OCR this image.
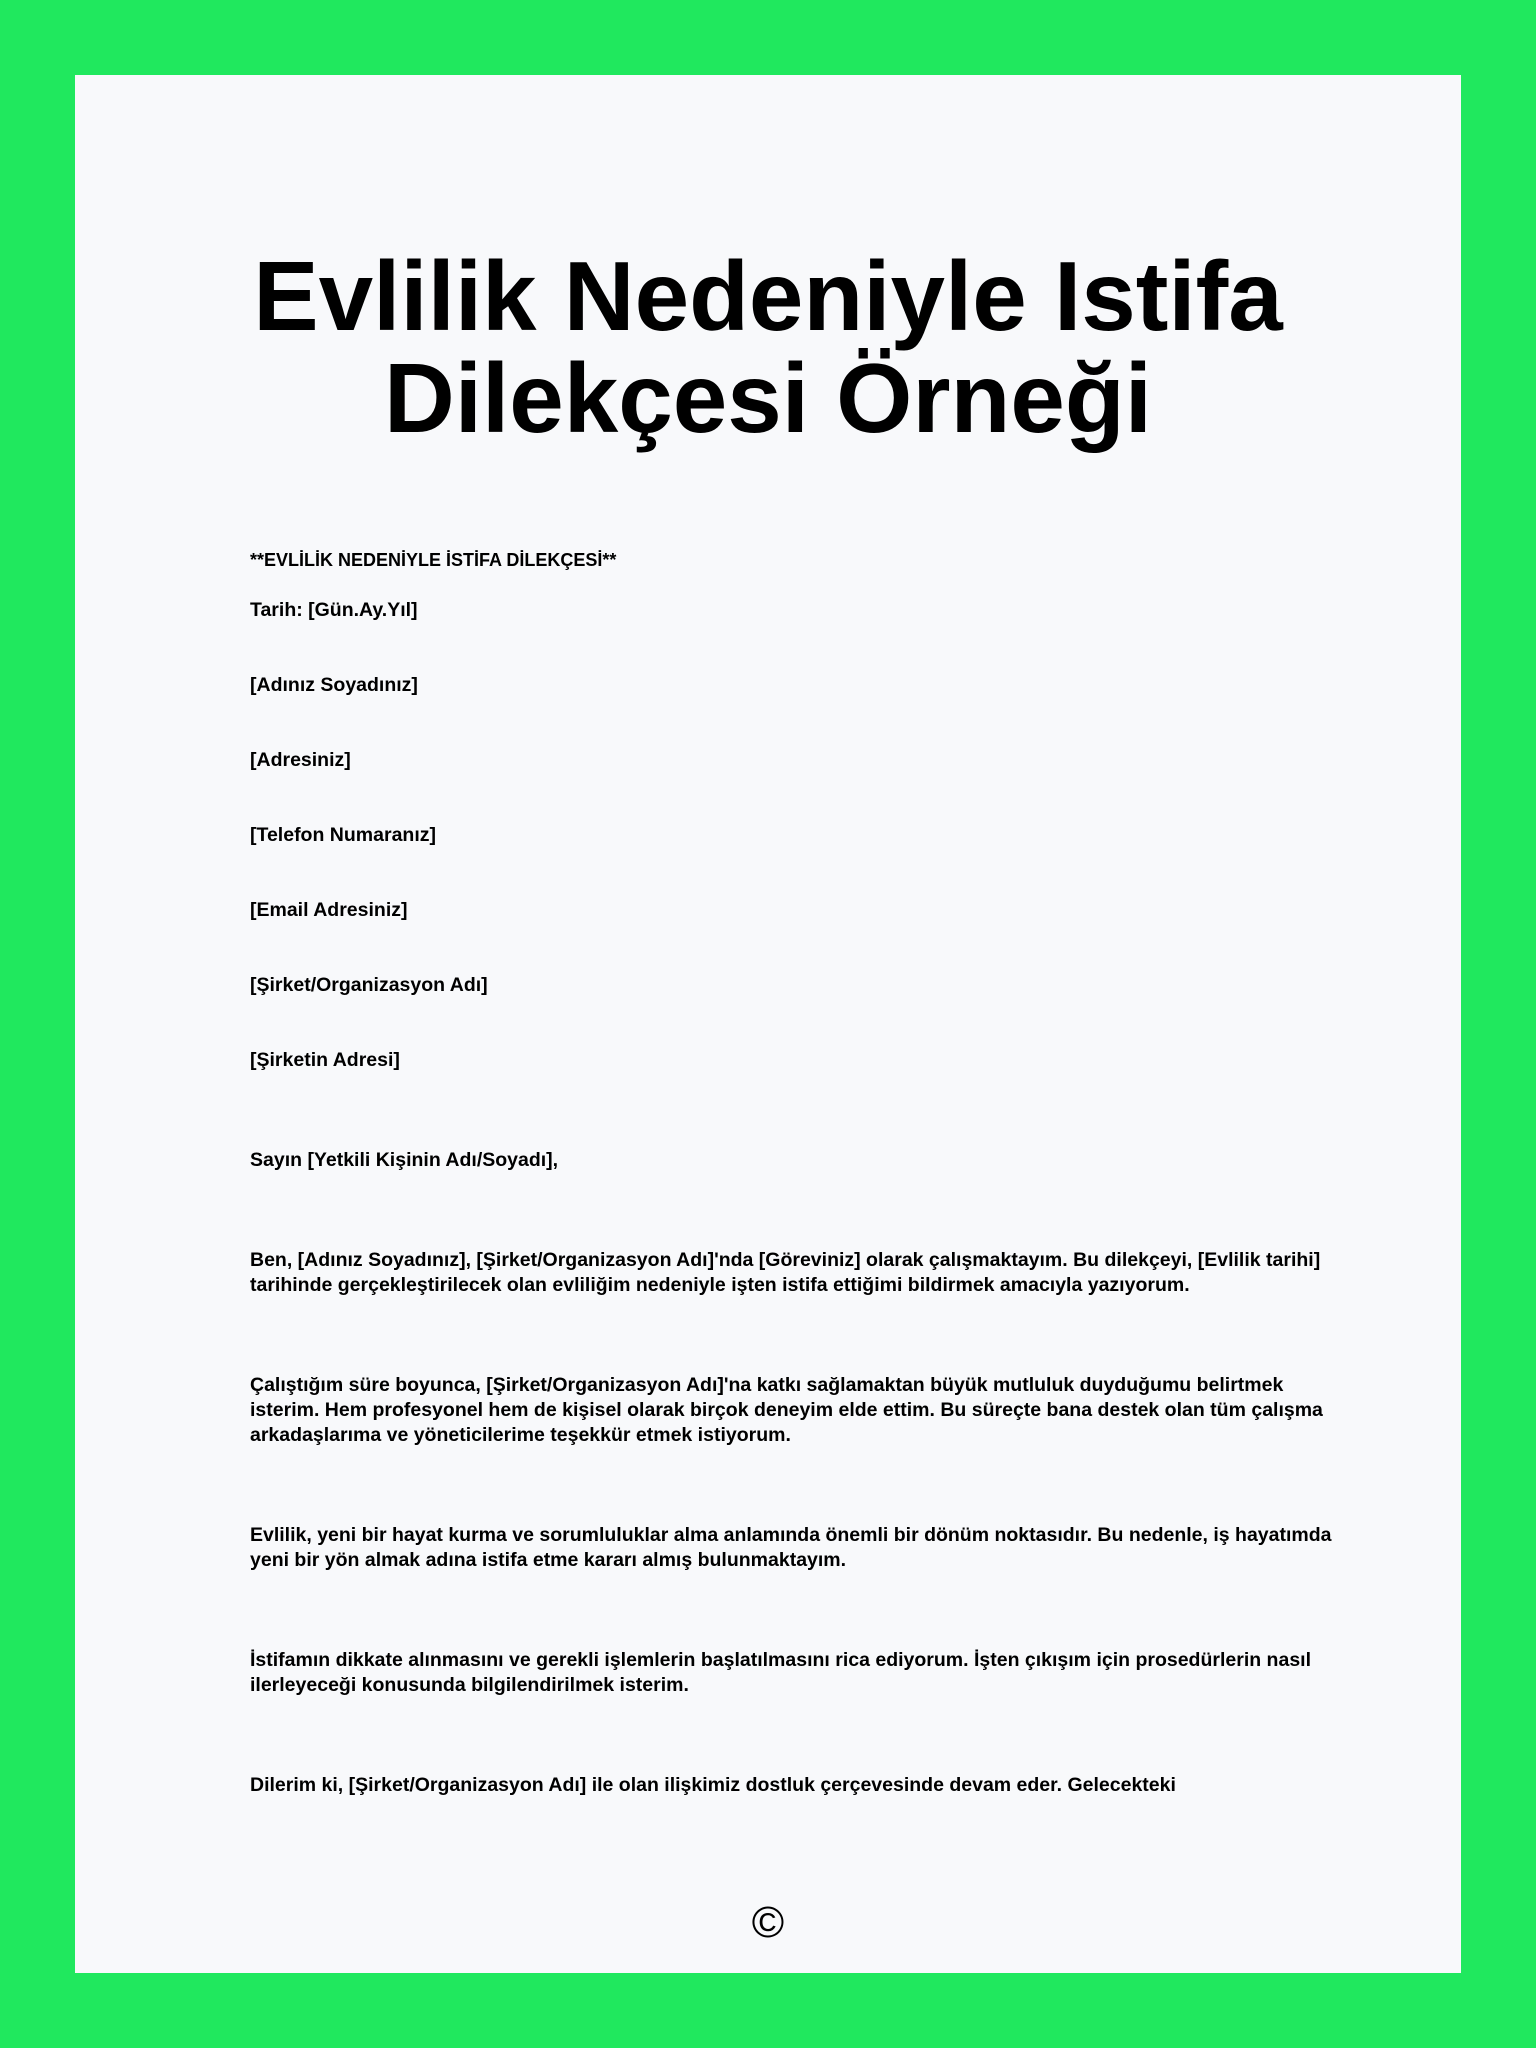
Evlilik Nedeniyle Istifa
Dilekçesi Örneği

**EVLİLİK NEDENİYLE İSTİFA DİLEKÇESİ**

Tarih: [Gün.Ay.Yıl]

[Adınız Soyadınız]

[Adresiniz]

[Telefon Numaranız]

[Email Adresiniz]

[Şirket/Organizasyon Adı]

[Şirketin Adresi]

Sayın [Yetkili Kişinin Adı/Soyadı],

Ben, [Adınız Soyadınız], [Şirket/Organizasyon Adı]'nda [Göreviniz] olarak çalışmaktayım. Bu dilekçeyi, [Evlilik tarihi] tarihinde gerçekleştirilecek olan evliliğim nedeniyle işten istifa ettiğimi bildirmek amacıyla yazıyorum.

Çalıştığım süre boyunca, [Şirket/Organizasyon Adı]'na katkı sağlamaktan büyük mutluluk duyduğumu belirtmek isterim. Hem profesyonel hem de kişisel olarak birçok deneyim elde ettim. Bu süreçte bana destek olan tüm çalışma arkadaşlarıma ve yöneticilerime teşekkür etmek istiyorum.

Evlilik, yeni bir hayat kurma ve sorumluluklar alma anlamında önemli bir dönüm noktasıdır. Bu nedenle, iş hayatımda yeni bir yön almak adına istifa etme kararı almış bulunmaktayım.

İstifamın dikkate alınmasını ve gerekli işlemlerin başlatılmasını rica ediyorum. İşten çıkışım için prosedürlerin nasıl ilerleyeceği konusunda bilgilendirilmek isterim.

Dilerim ki, [Şirket/Organizasyon Adı] ile olan ilişkimiz dostluk çerçevesinde devam eder. Gelecekteki

©
